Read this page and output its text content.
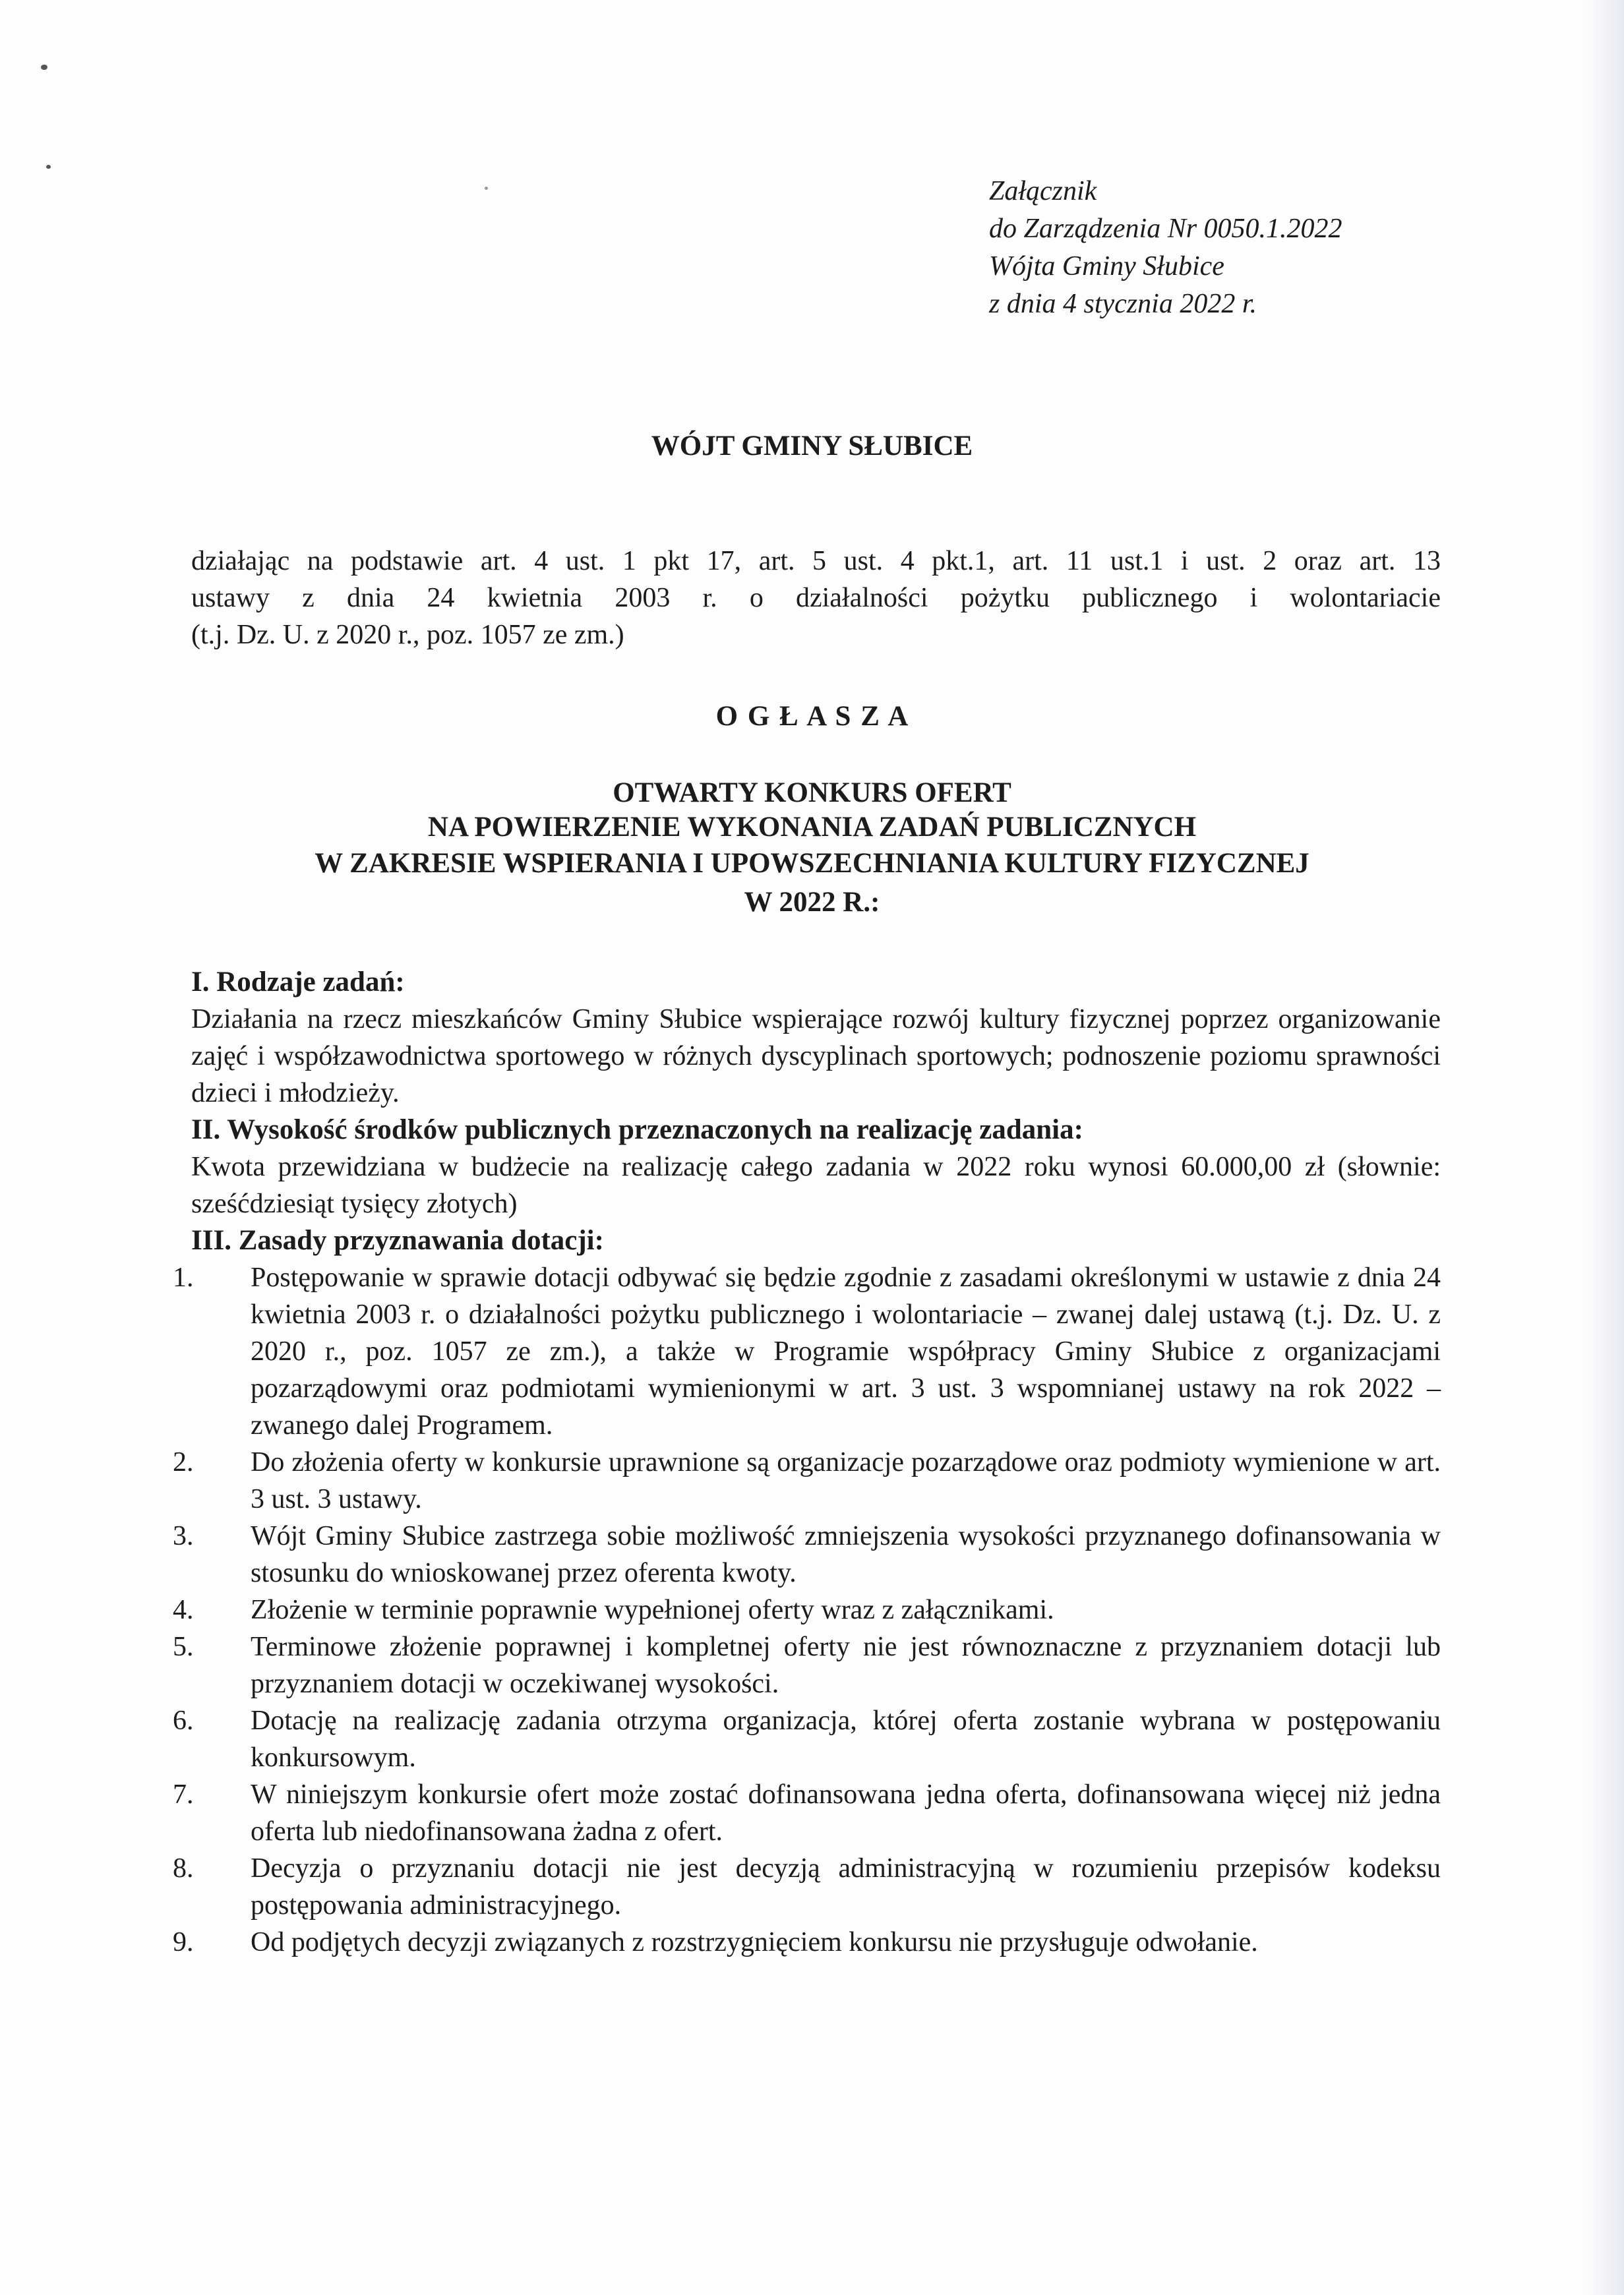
Załącznik
do Zarządzenia Nr 0050.1.2022
Wójta Gminy Słubice
z dnia 4 stycznia 2022 r.
WÓJT GMINY SŁUBICE
działając na podstawie art. 4 ust. 1 pkt 17, art. 5 ust. 4 pkt.1, art. 11 ust.1 i ust. 2 oraz art. 13
ustawy z dnia 24 kwietnia 2003 r. o działalności pożytku publicznego i wolontariacie
(t.j. Dz. U. z 2020 r., poz. 1057 ze zm.)
O G Ł A S Z A
OTWARTY KONKURS OFERT
NA POWIERZENIE WYKONANIA ZADAŃ PUBLICZNYCH
W ZAKRESIE WSPIERANIA I UPOWSZECHNIANIA KULTURY FIZYCZNEJ
W 2022 R.:
I. Rodzaje zadań:
Działania na rzecz mieszkańców Gminy Słubice wspierające rozwój kultury fizycznej poprzez organizowanie zajęć i współzawodnictwa sportowego w różnych dyscyplinach sportowych; podnoszenie poziomu sprawności dzieci i młodzieży.
II. Wysokość środków publicznych przeznaczonych na realizację zadania:
Kwota przewidziana w budżecie na realizację całego zadania w 2022 roku wynosi 60.000,00 zł (słownie: sześćdziesiąt tysięcy złotych)
III. Zasady przyznawania dotacji:
1. Postępowanie w sprawie dotacji odbywać się będzie zgodnie z zasadami określonymi w ustawie z dnia 24 kwietnia 2003 r. o działalności pożytku publicznego i wolontariacie – zwanej dalej ustawą (t.j. Dz. U. z 2020 r., poz. 1057 ze zm.), a także w Programie współpracy Gminy Słubice z organizacjami pozarządowymi oraz podmiotami wymienionymi w art. 3 ust. 3 wspomnianej ustawy na rok 2022 – zwanego dalej Programem.
2. Do złożenia oferty w konkursie uprawnione są organizacje pozarządowe oraz podmioty wymienione w art. 3 ust. 3 ustawy.
3. Wójt Gminy Słubice zastrzega sobie możliwość zmniejszenia wysokości przyznanego dofinansowania w stosunku do wnioskowanej przez oferenta kwoty.
4. Złożenie w terminie poprawnie wypełnionej oferty wraz z załącznikami.
5. Terminowe złożenie poprawnej i kompletnej oferty nie jest równoznaczne z przyznaniem dotacji lub przyznaniem dotacji w oczekiwanej wysokości.
6. Dotację na realizację zadania otrzyma organizacja, której oferta zostanie wybrana w postępowaniu konkursowym.
7. W niniejszym konkursie ofert może zostać dofinansowana jedna oferta, dofinansowana więcej niż jedna oferta lub niedofinansowana żadna z ofert.
8. Decyzja o przyznaniu dotacji nie jest decyzją administracyjną w rozumieniu przepisów kodeksu postępowania administracyjnego.
9. Od podjętych decyzji związanych z rozstrzygnięciem konkursu nie przysługuje odwołanie.
